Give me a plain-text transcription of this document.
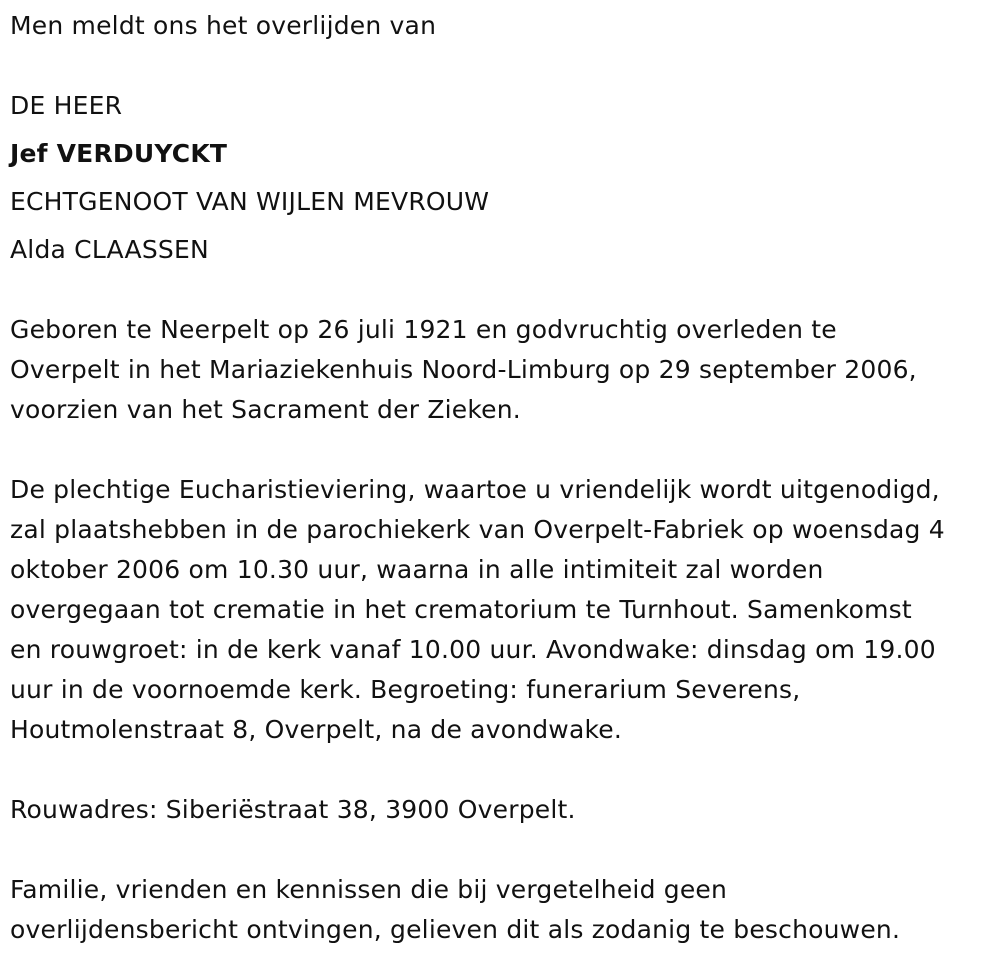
Men meldt ons het overlijden van
DE HEER
Jef VERDUYCKT
ECHTGENOOT VAN WIJLEN MEVROUW
Alda CLAASSEN
Geboren te Neerpelt op 26 juli 1921 en godvruchtig overleden te
Overpelt in het Mariaziekenhuis Noord-Limburg op 29 september 2006,
voorzien van het Sacrament der Zieken.
De plechtige Eucharistieviering, waartoe u vriendelijk wordt uitgenodigd,
zal plaatshebben in de parochiekerk van Overpelt-Fabriek op woensdag 4
oktober 2006 om 10.30 uur, waarna in alle intimiteit zal worden
overgegaan tot crematie in het crematorium te Turnhout. Samenkomst
en rouwgroet: in de kerk vanaf 10.00 uur. Avondwake: dinsdag om 19.00
uur in de voornoemde kerk. Begroeting: funerarium Severens,
Houtmolenstraat 8, Overpelt, na de avondwake.
Rouwadres: Siberiëstraat 38, 3900 Overpelt.
Familie, vrienden en kennissen die bij vergetelheid geen
overlijdensbericht ontvingen, gelieven dit als zodanig te beschouwen.
